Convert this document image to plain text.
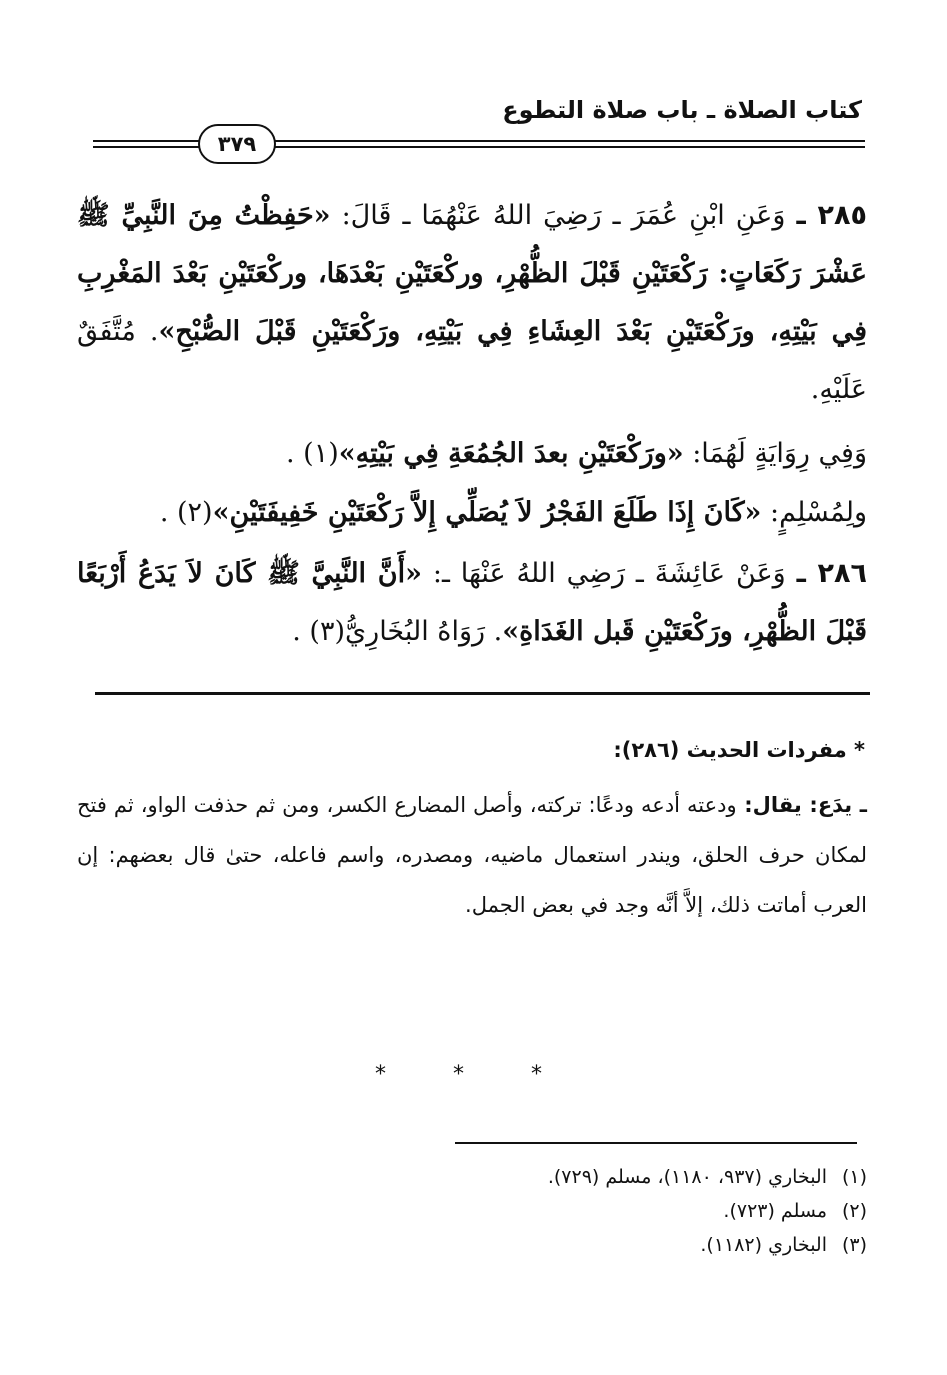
كتاب الصلاة ـ باب صلاة التطوع
٣٧٩
٢٨٥ ـ وَعَنِ ابْنِ عُمَرَ ـ رَضِيَ اللهُ عَنْهُمَا ـ قَالَ: «حَفِظْتُ مِنَ النَّبِيِّ ﷺ عَشْرَ رَكَعَاتٍ: رَكْعَتَيْنِ قَبْلَ الظُّهْرِ، وركْعَتَيْنِ بَعْدَهَا، وركْعَتَيْنِ بَعْدَ المَغْرِبِ فِي بَيْتِهِ، ورَكْعَتَيْنِ بَعْدَ العِشَاءِ فِي بَيْتِهِ، ورَكْعَتَيْنِ قَبْلَ الصُّبْحِ». مُتَّفَقٌ عَلَيْهِ.
وَفِي رِوَايَةٍ لَهُمَا: «ورَكْعَتَيْنِ بعدَ الجُمُعَةِ فِي بَيْتِهِ»(١) .
ولِمُسْلِمٍ: «كَانَ إِذَا طَلَعَ الفَجْرُ لاَ يُصَلِّي إِلاَّ رَكْعَتَيْنِ خَفِيفَتَيْنِ»(٢) .
٢٨٦ ـ وَعَنْ عَائِشَةَ ـ رَضِي اللهُ عَنْهَا ـ: «أَنَّ النَّبِيَّ ﷺ كَانَ لاَ يَدَعُ أَرْبَعًا قَبْلَ الظُّهْرِ، ورَكْعَتَيْنِ قَبل الغَدَاةِ». رَوَاهُ البُخَارِيُّ(٣) .
* مفردات الحديث (٢٨٦):
ـ يدَع: يقال: ودعته أدعه ودعًا: تركته، وأصل المضارع الكسر، ومن ثم حذفت الواو، ثم فتح لمكان حرف الحلق، ويندر استعمال ماضيه، ومصدره، واسم فاعله، حتىٰ قال بعضهم: إن العرب أماتت ذلك، إلاَّ أنَّه وجد في بعض الجمل.
* * *
(١)البخاري (٩٣٧، ١١٨٠)، مسلم (٧٢٩).
(٢)مسلم (٧٢٣).
(٣)البخاري (١١٨٢).
